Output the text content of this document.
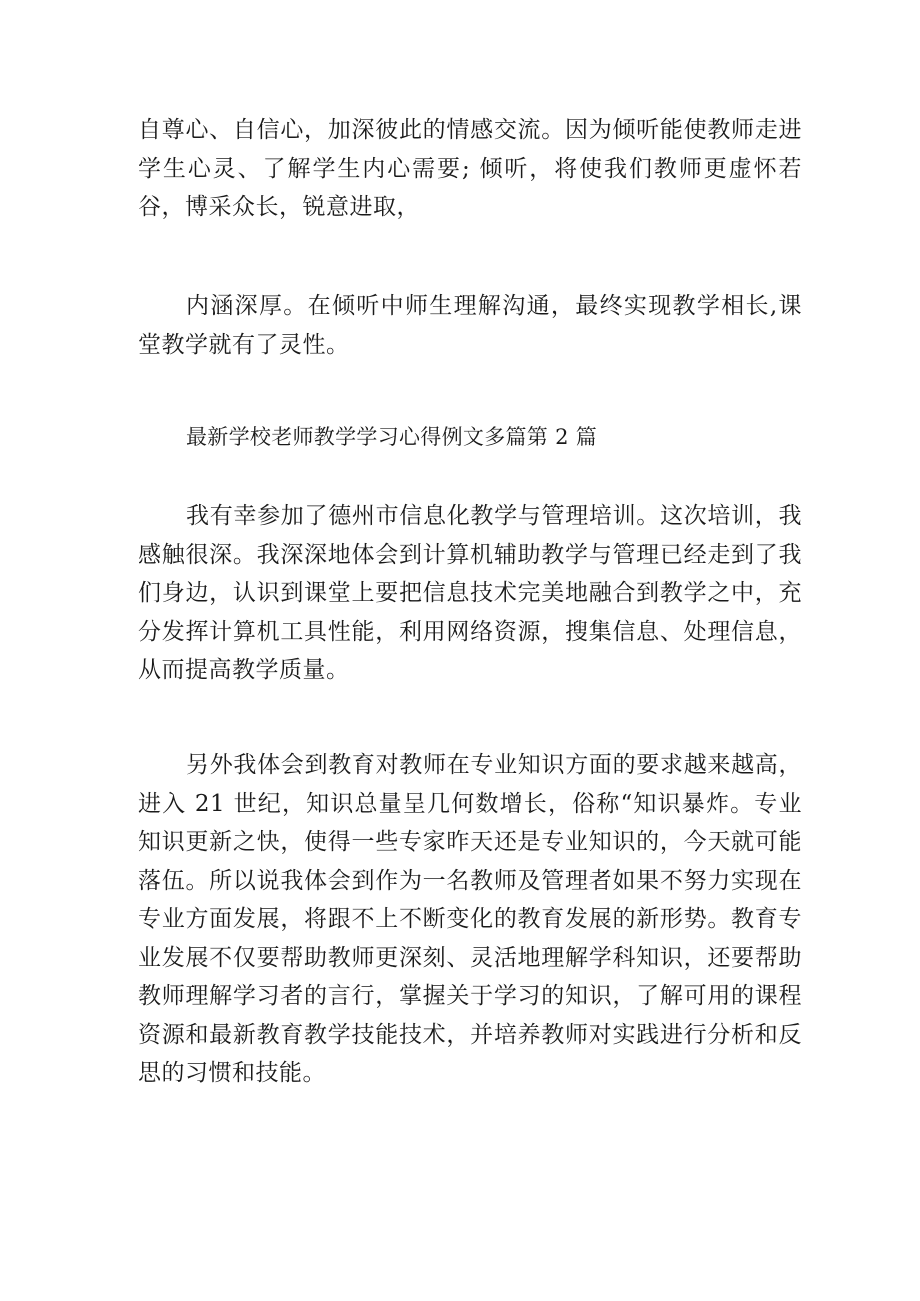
自尊心、自信心，加深彼此的情感交流。因为倾听能使教师走进学生心灵、了解学生内心需要; 倾听，将使我们教师更虚怀若谷，博采众长，锐意进取，

内涵深厚。在倾听中师生理解沟通，最终实现教学相长,课堂教学就有了灵性。

最新学校老师教学学习心得例文多篇第 2 篇

我有幸参加了德州市信息化教学与管理培训。这次培训，我感触很深。我深深地体会到计算机辅助教学与管理已经走到了我们身边，认识到课堂上要把信息技术完美地融合到教学之中，充分发挥计算机工具性能，利用网络资源，搜集信息、处理信息，从而提高教学质量。

另外我体会到教育对教师在专业知识方面的要求越来越高，进入 21 世纪，知识总量呈几何数增长，俗称“知识暴炸。专业知识更新之快，使得一些专家昨天还是专业知识的，今天就可能落伍。所以说我体会到作为一名教师及管理者如果不努力实现在专业方面发展，将跟不上不断变化的教育发展的新形势。教育专业发展不仅要帮助教师更深刻、灵活地理解学科知识，还要帮助教师理解学习者的言行，掌握关于学习的知识，了解可用的课程资源和最新教育教学技能技术，并培养教师对实践进行分析和反思的习惯和技能。
